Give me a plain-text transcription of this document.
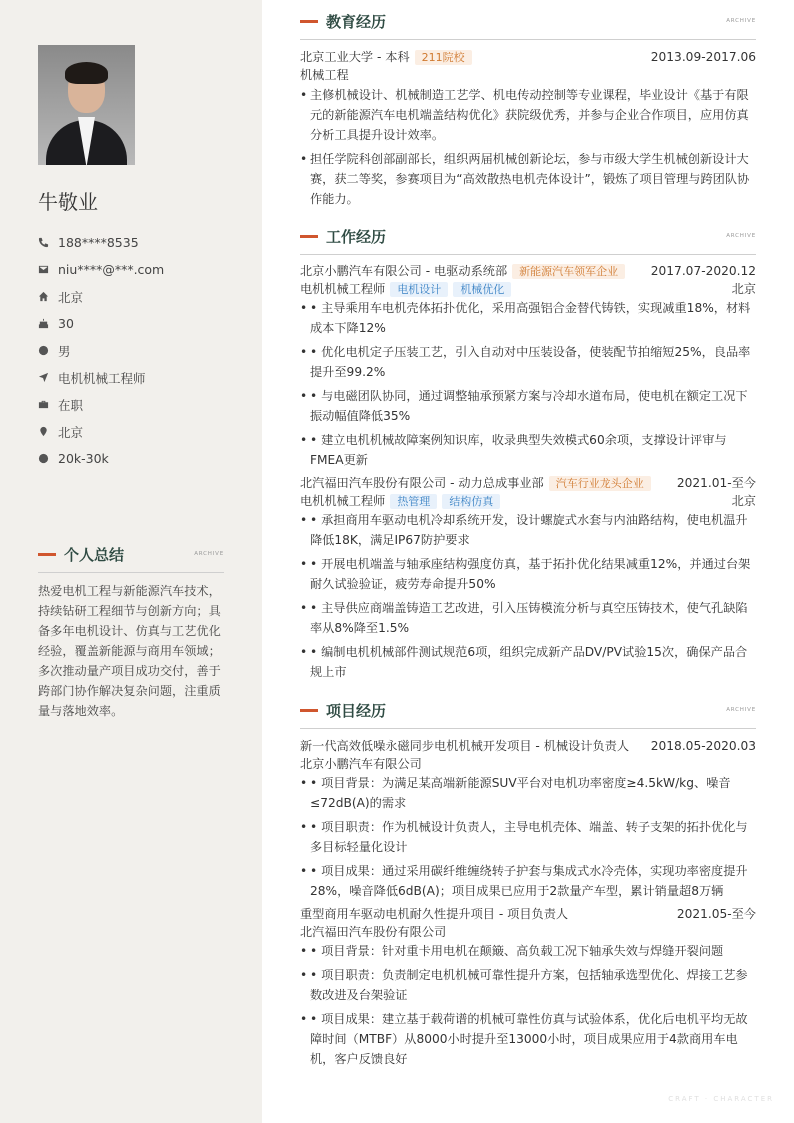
牛敬业
188****8535
niu****@***.com
北京
30
男
电机机械工程师
在职
北京
20k-30k
个人总结	ARCHIVE
热爱电机工程与新能源汽车技术，持续钻研工程细节与创新方向；具备多年电机设计、仿真与工艺优化经验，覆盖新能源与商用车领域；多次推动量产项目成功交付，善于跨部门协作解决复杂问题，注重质量与落地效率。
教育经历	ARCHIVE
北京工业大学 - 本科 211院校	2013.09-2017.06
机械工程
• 主修机械设计、机械制造工艺学、机电传动控制等专业课程，毕业设计《基于有限元的新能源汽车电机端盖结构优化》获院级优秀，并参与企业合作项目，应用仿真分析工具提升设计效率。
• 担任学院科创部副部长，组织两届机械创新论坛，参与市级大学生机械创新设计大赛，获二等奖，参赛项目为“高效散热电机壳体设计”，锻炼了项目管理与跨团队协作能力。
工作经历	ARCHIVE
北京小鹏汽车有限公司 - 电驱动系统部 新能源汽车领军企业	2017.07-2020.12
电机机械工程师 电机设计 机械优化	北京
• • 主导乘用车电机壳体拓扑优化，采用高强铝合金替代铸铁，实现减重18%，材料成本下降12%
• • 优化电机定子压装工艺，引入自动对中压装设备，使装配节拍缩短25%，良品率提升至99.2%
• • 与电磁团队协同，通过调整轴承预紧方案与冷却水道布局，使电机在额定工况下振动幅值降低35%
• • 建立电机机械故障案例知识库，收录典型失效模式60余项，支撑设计评审与FMEA更新
北汽福田汽车股份有限公司 - 动力总成事业部 汽车行业龙头企业	2021.01-至今
电机机械工程师 热管理 结构仿真	北京
• • 承担商用车驱动电机冷却系统开发，设计螺旋式水套与内油路结构，使电机温升降低18K，满足IP67防护要求
• • 开展电机端盖与轴承座结构强度仿真，基于拓扑优化结果减重12%，并通过台架耐久试验验证，疲劳寿命提升50%
• • 主导供应商端盖铸造工艺改进，引入压铸模流分析与真空压铸技术，使气孔缺陷率从8%降至1.5%
• • 编制电机机械部件测试规范6项，组织完成新产品DV/PV试验15次，确保产品合规上市
项目经历	ARCHIVE
新一代高效低噪永磁同步电机机械开发项目 - 机械设计负责人 2018.05-2020.03
北京小鹏汽车有限公司
• • 项目背景：为满足某高端新能源SUV平台对电机功率密度≥4.5kW/kg、噪音≤72dB(A)的需求
• • 项目职责：作为机械设计负责人，主导电机壳体、端盖、转子支架的拓扑优化与多目标轻量化设计
• • 项目成果：通过采用碳纤维缠绕转子护套与集成式水冷壳体，实现功率密度提升28%，噪音降低6dB(A)；项目成果已应用于2款量产车型，累计销量超8万辆
重型商用车驱动电机耐久性提升项目 - 项目负责人	2021.05-至今
北汽福田汽车股份有限公司
• • 项目背景：针对重卡用电机在颠簸、高负载工况下轴承失效与焊缝开裂问题
• • 项目职责：负责制定电机机械可靠性提升方案，包括轴承选型优化、焊接工艺参数改进及台架验证
• • 项目成果：建立基于载荷谱的机械可靠性仿真与试验体系，优化后电机平均无故障时间（MTBF）从8000小时提升至13000小时，项目成果应用于4款商用车电机，客户反馈良好
CRAFT · CHARACTER
